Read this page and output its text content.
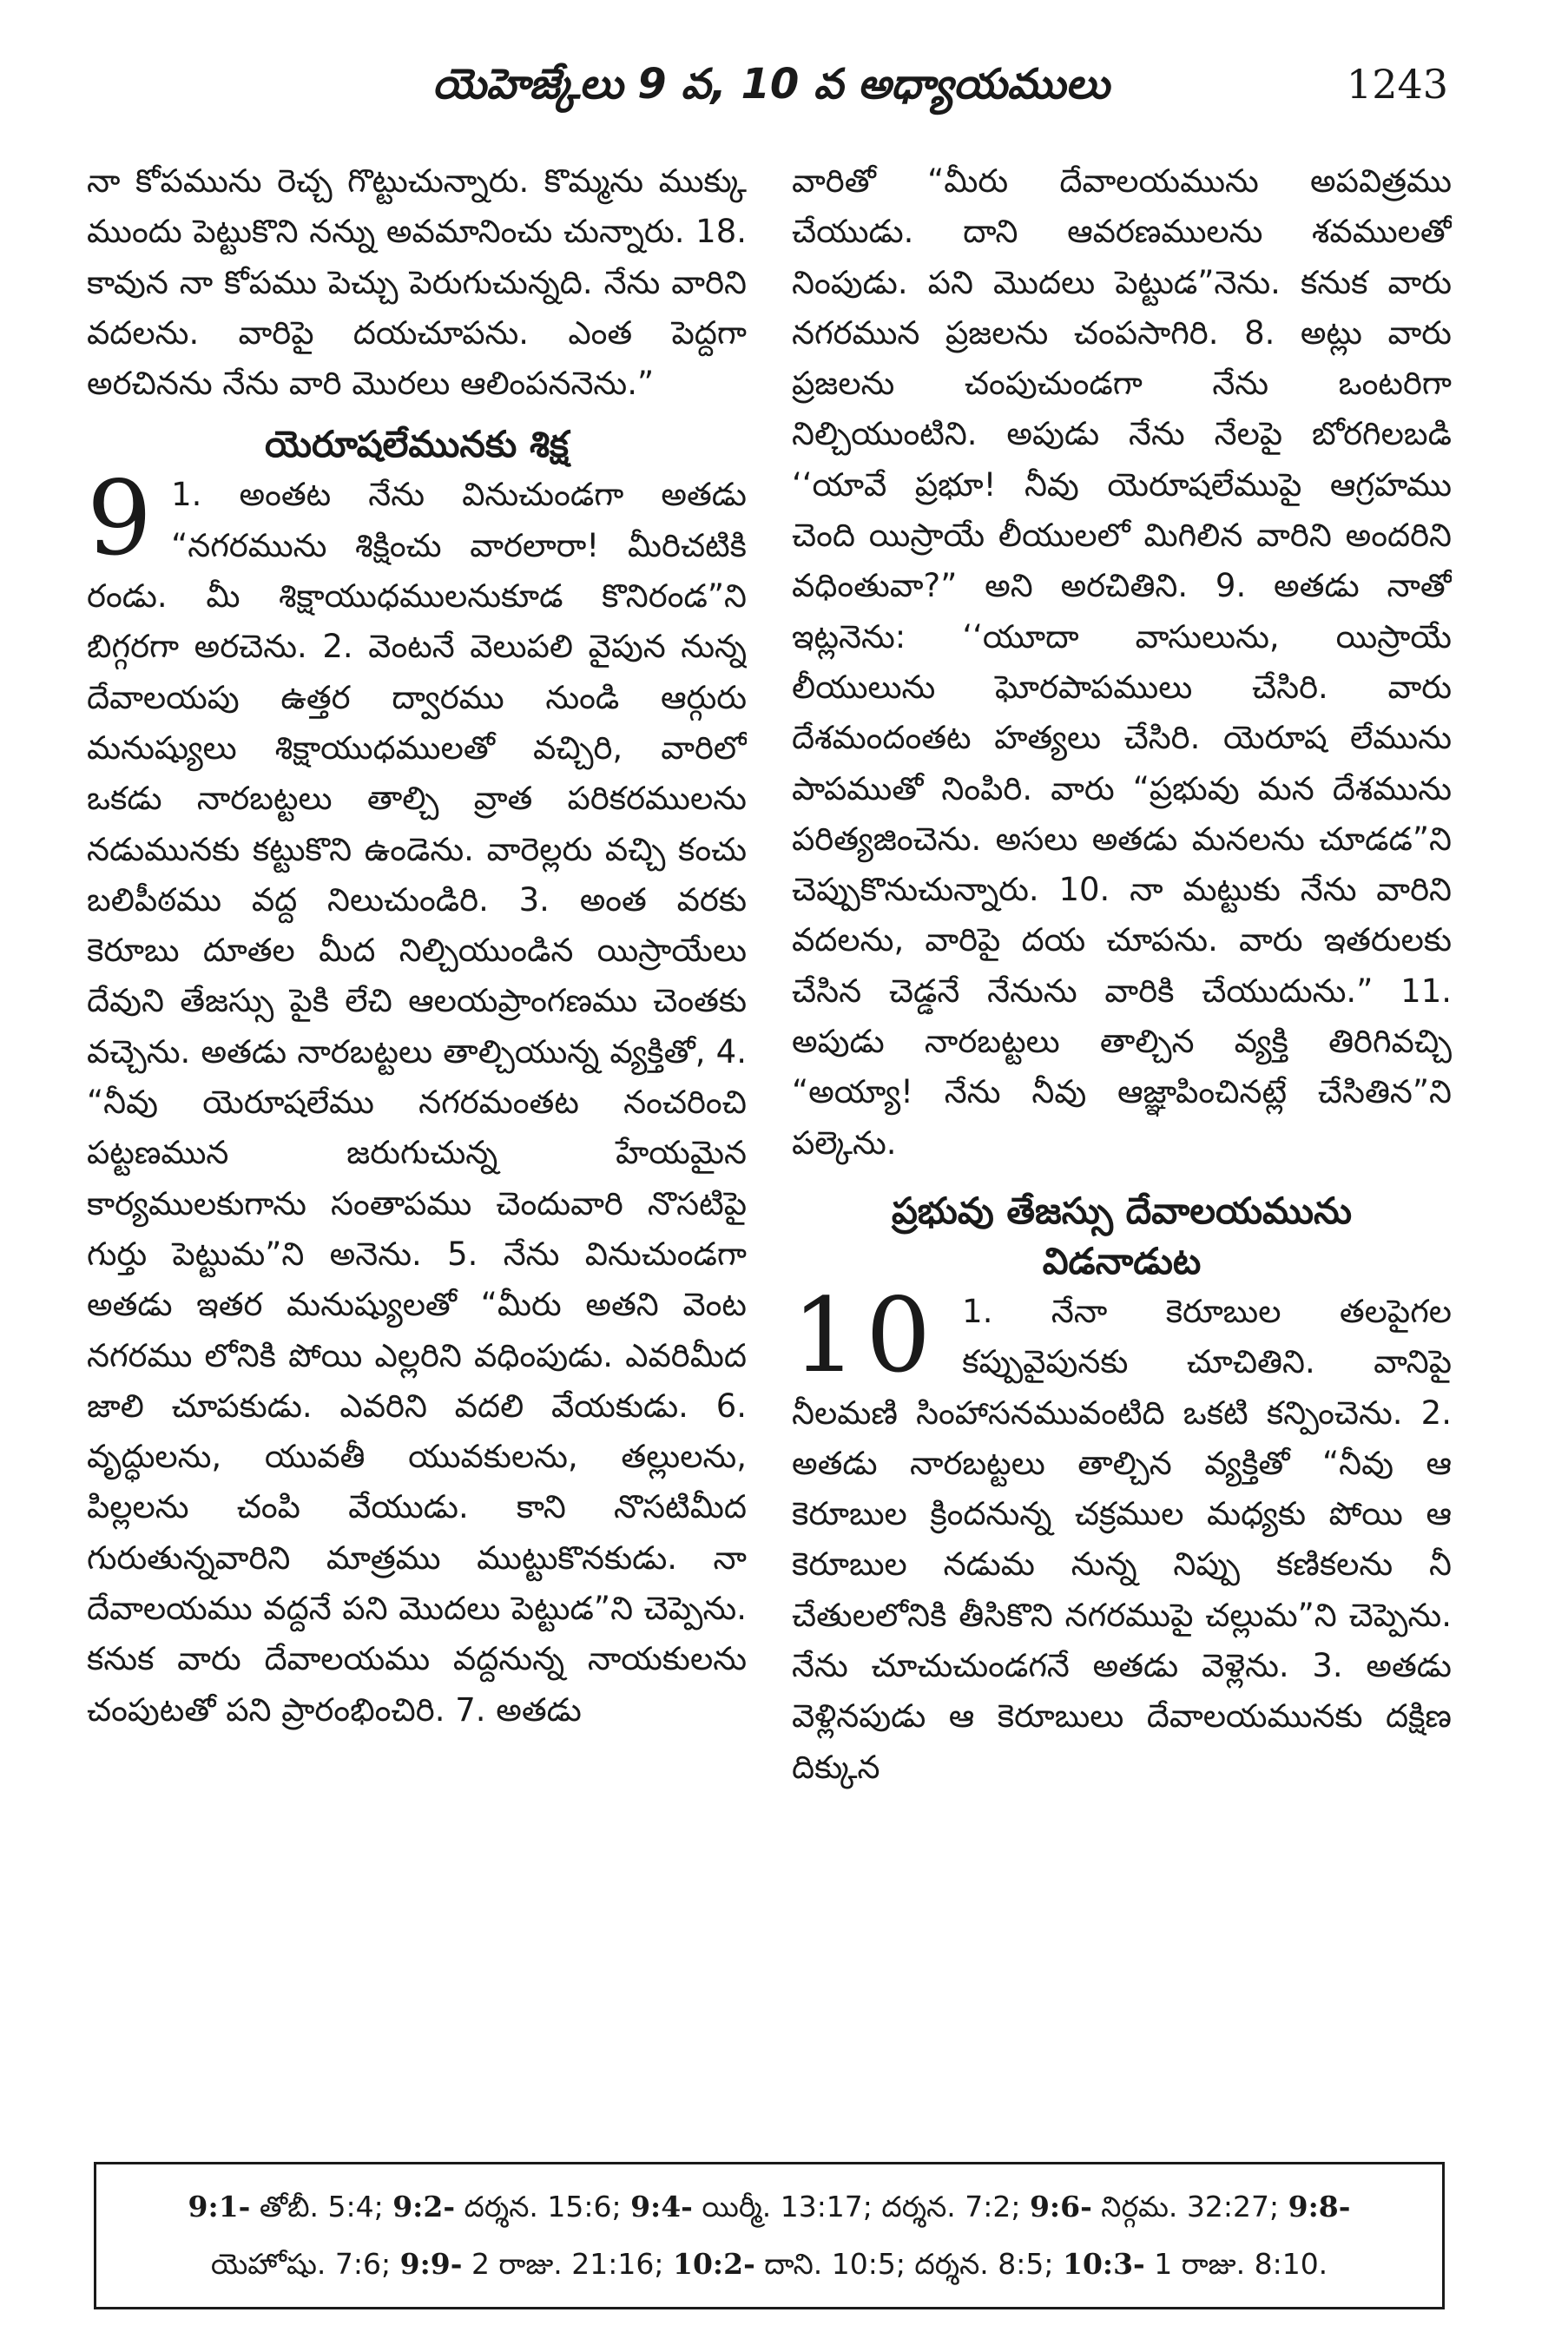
యెహెజ్కేలు 9 వ, 10 వ అధ్యాయములు	1243

నా కోపమును రెచ్చ గొట్టుచున్నారు. కొమ్మను ముక్కు ముందు పెట్టుకొని నన్ను అవమానించు చున్నారు. 18. కావున నా కోపము పెచ్చు పెరుగుచున్నది. నేను వారిని వదలను. వారిపై దయచూపను. ఎంత పెద్దగా అరచినను నేను వారి మొరలు ఆలింపననెను.”

యెరూషలేమునకు శిక్ష

9 1. అంతట నేను వినుచుండగా అతడు “నగరమును శిక్షించు వారలారా! మీరిచటికి రండు. మీ శిక్షాయుధములనుకూడ కొనిరండ”ని బిగ్గరగా అరచెను. 2. వెంటనే వెలుపలి వైపున నున్న దేవాలయపు ఉత్తర ద్వారము నుండి ఆర్గురు మనుష్యులు శిక్షాయుధములతో వచ్చిరి, వారిలో ఒకడు నారబట్టలు తాల్చి వ్రాత పరికరములను నడుమునకు కట్టుకొని ఉండెను. వారెల్లరు వచ్చి కంచు బలిపీఠము వద్ద నిలుచుండిరి. 3. అంత వరకు కెరూబు దూతల మీద నిల్చియుండిన యిస్రాయేలు దేవుని తేజస్సు పైకి లేచి ఆలయప్రాంగణము చెంతకు వచ్చెను. అతడు నారబట్టలు తాల్చియున్న వ్యక్తితో, 4. “నీవు యెరూషలేము నగరమంతట నంచరించి పట్టణమున జరుగుచున్న హేయమైన కార్యములకుగాను సంతాపము చెందువారి నొసటిపై గుర్తు పెట్టుమ”ని అనెను. 5. నేను వినుచుండగా అతడు ఇతర మనుష్యులతో “మీరు అతని వెంట నగరము లోనికి పోయి ఎల్లరిని వధింపుడు. ఎవరిమీద జాలి చూపకుడు. ఎవరిని వదలి వేయకుడు. 6. వృద్ధులను, యువతీ యువకులను, తల్లులను, పిల్లలను చంపి వేయుడు. కాని నొసటిమీద గురుతున్నవారిని మాత్రము ముట్టుకొనకుడు. నా దేవాలయము వద్దనే పని మొదలు పెట్టుడ”ని చెప్పెను. కనుక వారు దేవాలయము వద్దనున్న నాయకులను చంపుటతో పని ప్రారంభించిరి. 7. అతడు

వారితో “మీరు దేవాలయమును అపవిత్రము చేయుడు. దాని ఆవరణములను శవములతో నింపుడు. పని మొదలు పెట్టుడ”నెను. కనుక వారు నగరమున ప్రజలను చంపసాగిరి. 8. అట్లు వారు ప్రజలను చంపుచుండగా నేను ఒంటరిగా నిల్చియుంటిని. అపుడు నేను నేలపై బోరగిలబడి ‘‘యావే ప్రభూ! నీవు యెరూషలేముపై ఆగ్రహము చెంది యిస్రాయే లీయులలో మిగిలిన వారిని అందరిని వధింతువా?” అని అరచితిని. 9. అతడు నాతో ఇట్లనెను: ‘‘యూదా వాసులును, యిస్రాయే లీయులును ఘోరపాపములు చేసిరి. వారు దేశమందంతట హత్యలు చేసిరి. యెరూష లేమును పాపముతో నింపిరి. వారు “ప్రభువు మన దేశమును పరిత్యజించెను. అసలు అతడు మనలను చూడడ”ని చెప్పుకొనుచున్నారు. 10. నా మట్టుకు నేను వారిని వదలను, వారిపై దయ చూపను. వారు ఇతరులకు చేసిన చెడ్డనే నేనును వారికి చేయుదును.” 11. అపుడు నారబట్టలు తాల్చిన వ్యక్తి తిరిగివచ్చి “అయ్యా! నేను నీవు ఆజ్ఞాపించినట్లే చేసితిన”ని పల్కెను.

ప్రభువు తేజస్సు దేవాలయమును
విడనాడుట

10 1. నేనా కెరూబుల తలపైగల కప్పువైపునకు చూచితిని. వానిపై నీలమణి సింహాసనమువంటిది ఒకటి కన్పించెను. 2. అతడు నారబట్టలు తాల్చిన వ్యక్తితో “నీవు ఆ కెరూబుల క్రిందనున్న చక్రముల మధ్యకు పోయి ఆ కెరూబుల నడుమ నున్న నిప్పు కణికలను నీ చేతులలోనికి తీసికొని నగరముపై చల్లుమ”ని చెప్పెను. నేను చూచుచుండగనే అతడు వెళ్లెను. 3. అతడు వెళ్లినపుడు ఆ కెరూబులు దేవాలయమునకు దక్షిణ దిక్కున

9:1- తోబీ. 5:4; 9:2- దర్శన. 15:6; 9:4- యిర్మీ. 13:17; దర్శన. 7:2; 9:6- నిర్గమ. 32:27; 9:8-
యెహోషు. 7:6; 9:9- 2 రాజు. 21:16; 10:2- దాని. 10:5; దర్శన. 8:5; 10:3- 1 రాజు. 8:10.
